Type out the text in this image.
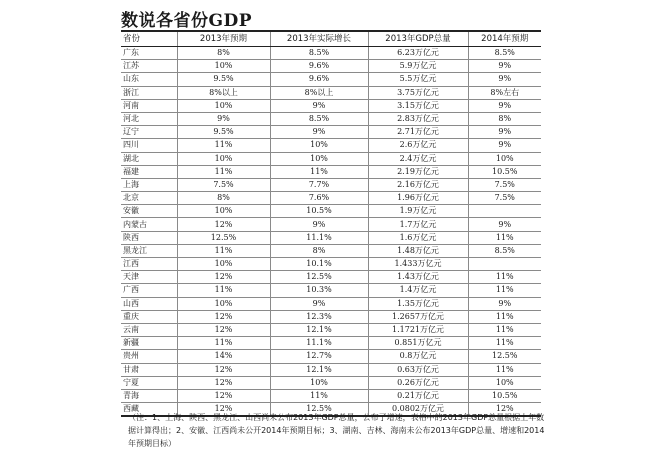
数说各省份GDP
省份	2013年预期	2013年实际增长	2013年GDP总量	2014年预期
广东	8%	8.5%	6.23万亿元	8.5%
江苏	10%	9.6%	5.9万亿元	9%
山东	9.5%	9.6%	5.5万亿元	9%
浙江	8%以上	8%以上	3.75万亿元	8%左右
河南	10%	9%	3.15万亿元	9%
河北	9%	8.5%	2.83万亿元	8%
辽宁	9.5%	9%	2.71万亿元	9%
四川	11%	10%	2.6万亿元	9%
湖北	10%	10%	2.4万亿元	10%
福建	11%	11%	2.19万亿元	10.5%
上海	7.5%	7.7%	2.16万亿元	7.5%
北京	8%	7.6%	1.96万亿元	7.5%
安徽	10%	10.5%	1.9万亿元	
内蒙古	12%	9%	1.7万亿元	9%
陕西	12.5%	11.1%	1.6万亿元	11%
黑龙江	11%	8%	1.48万亿元	8.5%
江西	10%	10.1%	1.433万亿元	
天津	12%	12.5%	1.43万亿元	11%
广西	11%	10.3%	1.4万亿元	11%
山西	10%	9%	1.35万亿元	9%
重庆	12%	12.3%	1.2657万亿元	11%
云南	12%	12.1%	1.1721万亿元	11%
新疆	11%	11.1%	0.851万亿元	11%
贵州	14%	12.7%	0.8万亿元	12.5%
甘肃	12%	12.1%	0.63万亿元	11%
宁夏	12%	10%	0.26万亿元	10%
青海	12%	11%	0.21万亿元	10.5%
西藏	12%	12.5%	0.0802万亿元	12%

（注：1、上海、陕西、黑龙江、山西尚未公布2013年GDP总量，公布了增速，表格中的2013年GDP总量根据上年数据计算得出；2、安徽、江西尚未公开2014年预期目标；3、湖南、吉林、海南未公布2013年GDP总量、增速和2014年预期目标）
